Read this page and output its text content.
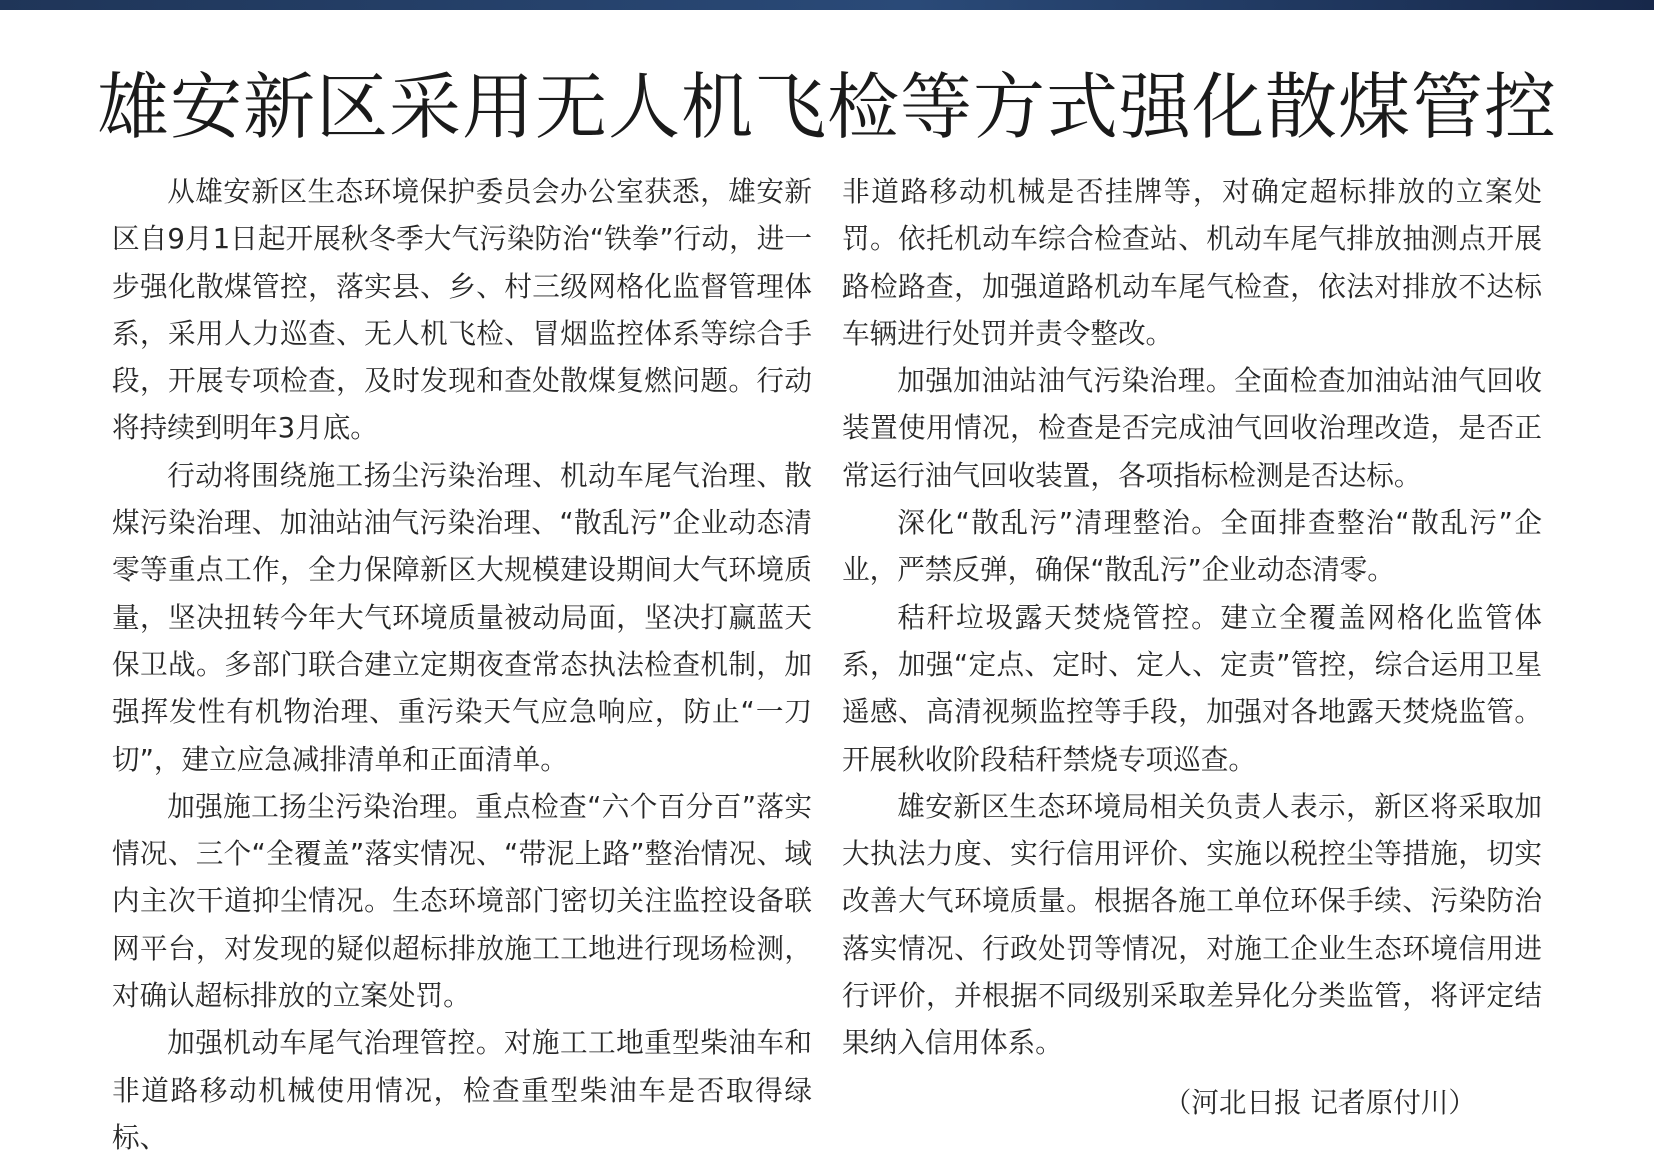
雄安新区采用无人机飞检等方式强化散煤管控

从雄安新区生态环境保护委员会办公室获悉，雄安新区自9月1日起开展秋冬季大气污染防治“铁拳”行动，进一步强化散煤管控，落实县、乡、村三级网格化监督管理体系，采用人力巡查、无人机飞检、冒烟监控体系等综合手段，开展专项检查，及时发现和查处散煤复燃问题。行动将持续到明年3月底。

行动将围绕施工扬尘污染治理、机动车尾气治理、散煤污染治理、加油站油气污染治理、“散乱污”企业动态清零等重点工作，全力保障新区大规模建设期间大气环境质量，坚决扭转今年大气环境质量被动局面，坚决打赢蓝天保卫战。多部门联合建立定期夜查常态执法检查机制，加强挥发性有机物治理、重污染天气应急响应，防止“一刀切”，建立应急减排清单和正面清单。

加强施工扬尘污染治理。重点检查“六个百分百”落实情况、三个“全覆盖”落实情况、“带泥上路”整治情况、域内主次干道抑尘情况。生态环境部门密切关注监控设备联网平台，对发现的疑似超标排放施工工地进行现场检测，对确认超标排放的立案处罚。

加强机动车尾气治理管控。对施工工地重型柴油车和非道路移动机械使用情况，检查重型柴油车是否取得绿标、

非道路移动机械是否挂牌等，对确定超标排放的立案处罚。依托机动车综合检查站、机动车尾气排放抽测点开展路检路查，加强道路机动车尾气检查，依法对排放不达标车辆进行处罚并责令整改。

加强加油站油气污染治理。全面检查加油站油气回收装置使用情况，检查是否完成油气回收治理改造，是否正常运行油气回收装置，各项指标检测是否达标。

深化“散乱污”清理整治。全面排查整治“散乱污”企业，严禁反弹，确保“散乱污”企业动态清零。

秸秆垃圾露天焚烧管控。建立全覆盖网格化监管体系，加强“定点、定时、定人、定责”管控，综合运用卫星遥感、高清视频监控等手段，加强对各地露天焚烧监管。开展秋收阶段秸秆禁烧专项巡查。

雄安新区生态环境局相关负责人表示，新区将采取加大执法力度、实行信用评价、实施以税控尘等措施，切实改善大气环境质量。根据各施工单位环保手续、污染防治落实情况、行政处罚等情况，对施工企业生态环境信用进行评价，并根据不同级别采取差异化分类监管，将评定结果纳入信用体系。

（河北日报 记者原付川）
